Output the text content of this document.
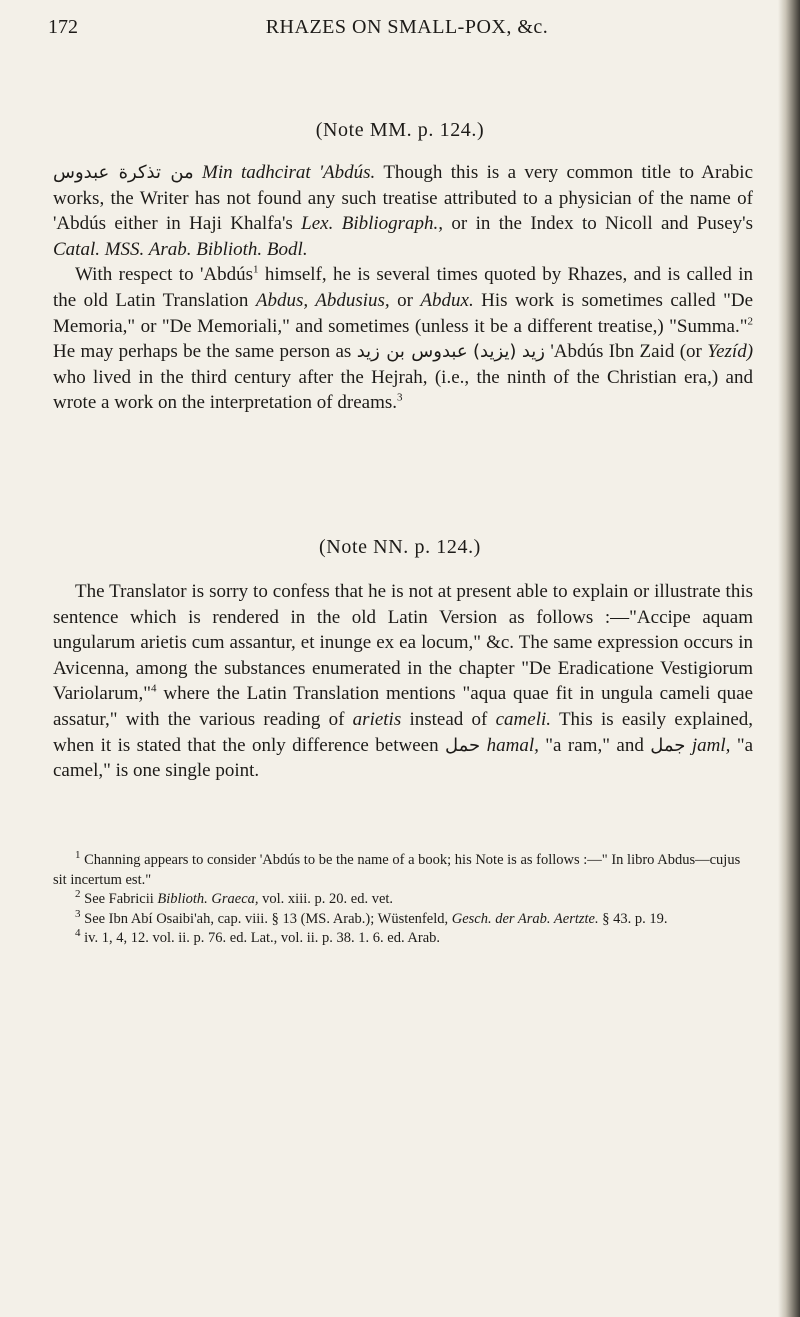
172	RHAZES ON SMALL-POX, &c.
(Note MM. p. 124.)

من تذكرة عبدوس Min tadhcirat 'Abdús. Though this is a very common title to Arabic works, the Writer has not found any such treatise attributed to a physician of the name of 'Abdús either in Haji Khalfa's Lex. Bibliograph., or in the Index to Nicoll and Pusey's Catal. MSS. Arab. Biblioth. Bodl.

With respect to 'Abdús$^1$ himself, he is several times quoted by Rhazes, and is called in the old Latin Translation Abdus, Abdusius, or Abdux. His work is sometimes called "De Memoria," or "De Memoriali," and sometimes (unless it be a different treatise,) "Summa."$^2$ He may perhaps be the same person as عبدوس بن زيد (يزيد) زيد 'Abdús Ibn Zaid (or Yezíd) who lived in the third century after the Hejrah, (i.e., the ninth of the Christian era,) and wrote a work on the interpretation of dreams.$^3$

(Note NN. p. 124.)

The Translator is sorry to confess that he is not at present able to explain or illustrate this sentence which is rendered in the old Latin Version as follows :—"Accipe aquam ungularum arietis cum assantur, et inunge ex ea locum," &c. The same expression occurs in Avicenna, among the substances enumerated in the chapter "De Eradicatione Vestigiorum Variolarum,"$^4$ where the Latin Translation mentions "aqua quae fit in ungula cameli quae assatur," with the various reading of arietis instead of cameli. This is easily explained, when it is stated that the only difference between حمل hamal, "a ram," and جمل jaml, "a camel," is one single point.

$^1$ Channing appears to consider 'Abdús to be the name of a book; his Note is as follows :—" In libro Abdus—cujus sit incertum est."

$^2$ See Fabricii Biblioth. Graeca, vol. xiii. p. 20. ed. vet.

$^3$ See Ibn Abí Osaibi'ah, cap. viii. § 13 (MS. Arab.); Wüstenfeld, Gesch. der Arab. Aertzte. § 43. p. 19.

$^4$ iv. 1, 4, 12. vol. ii. p. 76. ed. Lat., vol. ii. p. 38. 1. 6. ed. Arab.
